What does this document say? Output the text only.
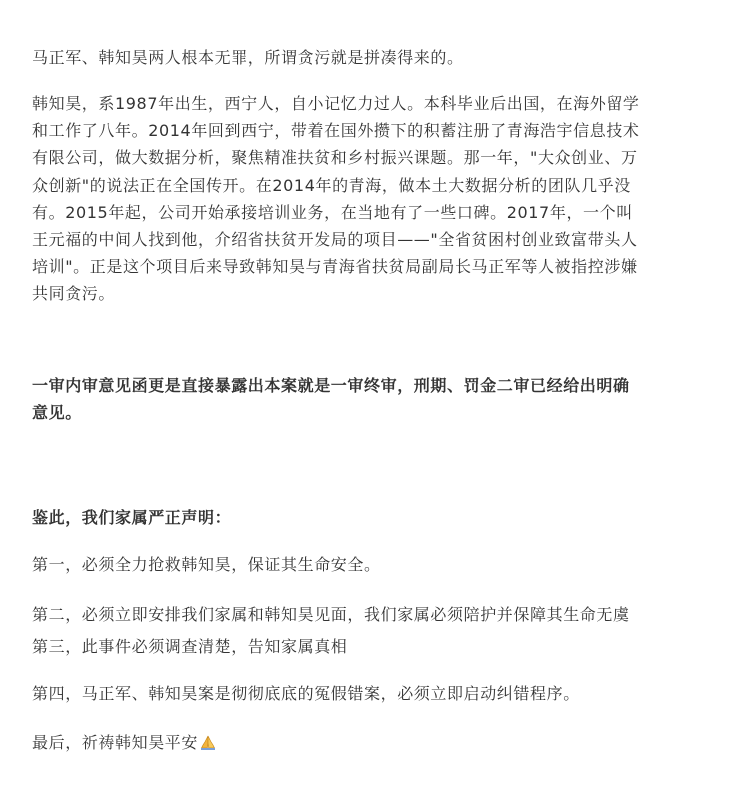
马正军、韩知昊两人根本无罪，所谓贪污就是拼凑得来的。

韩知昊，系1987年出生，西宁人，自小记忆力过人。本科毕业后出国，在海外留学
和工作了八年。2014年回到西宁，带着在国外攒下的积蓄注册了青海浩宇信息技术
有限公司，做大数据分析，聚焦精准扶贫和乡村振兴课题。那一年，"大众创业、万
众创新"的说法正在全国传开。在2014年的青海，做本土大数据分析的团队几乎没
有。2015年起，公司开始承接培训业务，在当地有了一些口碑。2017年，一个叫
王元福的中间人找到他，介绍省扶贫开发局的项目——"全省贫困村创业致富带头人
培训"。正是这个项目后来导致韩知昊与青海省扶贫局副局长马正军等人被指控涉嫌
共同贪污。
一审内审意见函更是直接暴露出本案就是一审终审，刑期、罚金二审已经给出明确
意见。

鉴此，我们家属严正声明：

第一，必须全力抢救韩知昊，保证其生命安全。

第二，必须立即安排我们家属和韩知昊见面，我们家属必须陪护并保障其生命无虞

第三，此事件必须调查清楚，告知家属真相

第四，马正军、韩知昊案是彻彻底底的冤假错案，必须立即启动纠错程序。

最后，祈祷韩知昊平安
